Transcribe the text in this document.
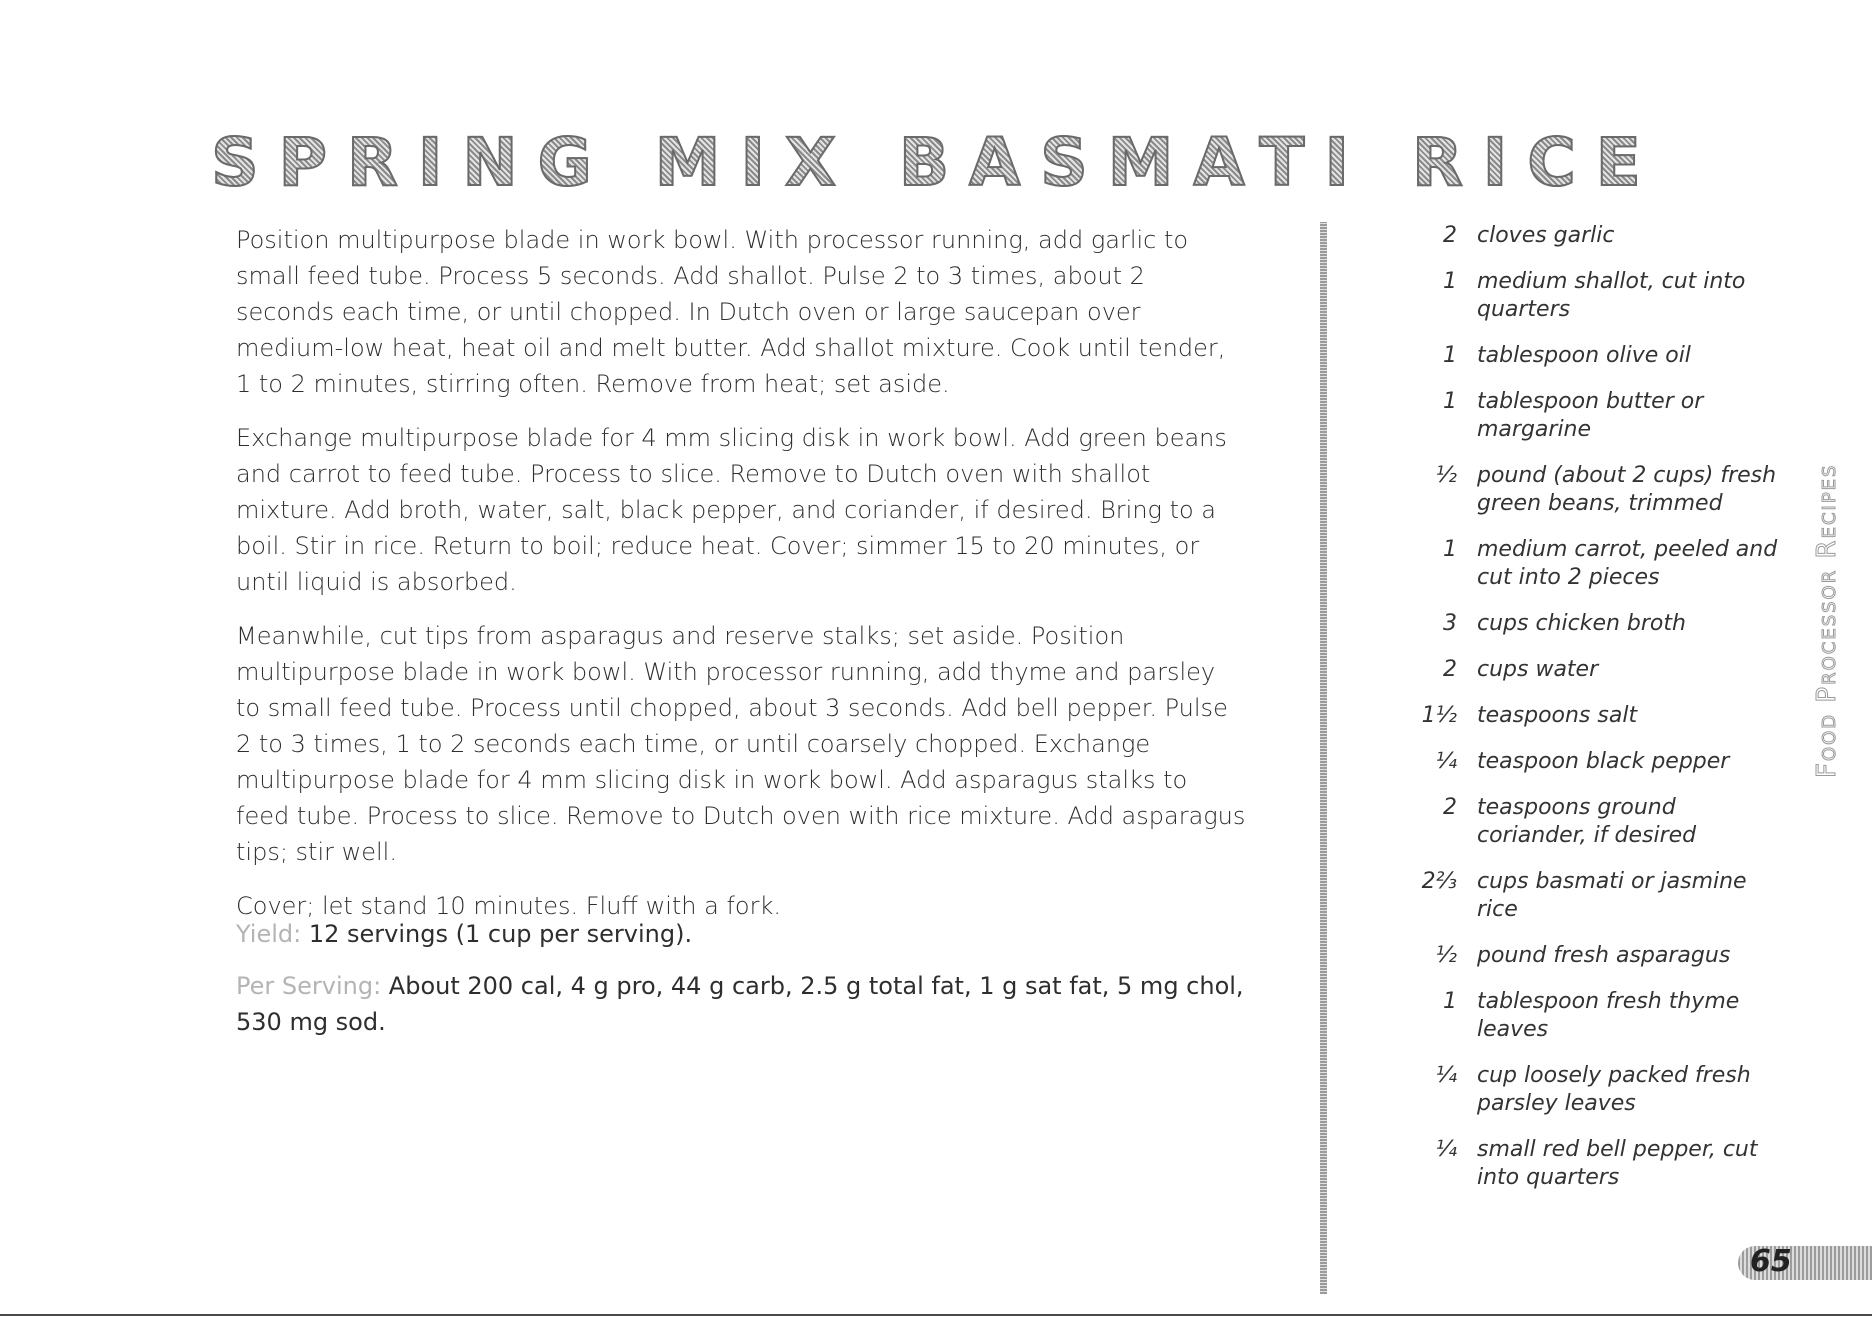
SPRING MIX BASMATI RICE

Position multipurpose blade in work bowl. With processor running, add garlic to small feed tube. Process 5 seconds. Add shallot. Pulse 2 to 3 times, about 2 seconds each time, or until chopped. In Dutch oven or large saucepan over medium-low heat, heat oil and melt butter. Add shallot mixture. Cook until tender, 1 to 2 minutes, stirring often. Remove from heat; set aside.

Exchange multipurpose blade for 4 mm slicing disk in work bowl. Add green beans and carrot to feed tube. Process to slice. Remove to Dutch oven with shallot mixture. Add broth, water, salt, black pepper, and coriander, if desired. Bring to a boil. Stir in rice. Return to boil; reduce heat. Cover; simmer 15 to 20 minutes, or until liquid is absorbed.

Meanwhile, cut tips from asparagus and reserve stalks; set aside. Position multipurpose blade in work bowl. With processor running, add thyme and parsley to small feed tube. Process until chopped, about 3 seconds. Add bell pepper. Pulse 2 to 3 times, 1 to 2 seconds each time, or until coarsely chopped. Exchange multipurpose blade for 4 mm slicing disk in work bowl. Add asparagus stalks to feed tube. Process to slice. Remove to Dutch oven with rice mixture. Add asparagus tips; stir well.

Cover; let stand 10 minutes. Fluff with a fork.

Yield: 12 servings (1 cup per serving).
Per Serving: About 200 cal, 4 g pro, 44 g carb, 2.5 g total fat, 1 g sat fat, 5 mg chol, 530 mg sod.
2 cloves garlic
1 medium shallot, cut into quarters
1 tablespoon olive oil
1 tablespoon butter or margarine
½ pound (about 2 cups) fresh green beans, trimmed
1 medium carrot, peeled and cut into 2 pieces
3 cups chicken broth
2 cups water
1½ teaspoons salt
¼ teaspoon black pepper
2 teaspoons ground coriander, if desired
2⅔ cups basmati or jasmine rice
½ pound fresh asparagus
1 tablespoon fresh thyme leaves
¼ cup loosely packed fresh parsley leaves
¼ small red bell pepper, cut into quarters
Food Processor Recipes
65
